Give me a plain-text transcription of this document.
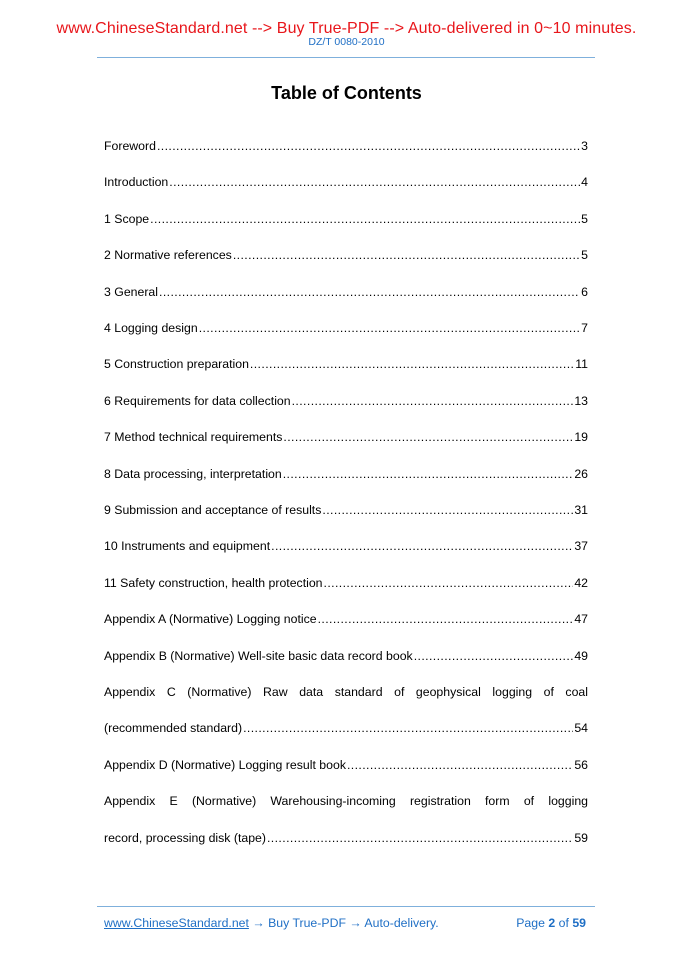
www.ChineseStandard.net --> Buy True-PDF --> Auto-delivered in 0~10 minutes.
DZ/T 0080-2010
Table of Contents
Foreword .....	3
Introduction .....	4
1 Scope .....	5
2 Normative references .....	5
3 General .....	6
4 Logging design .....	7
5 Construction preparation .....	11
6 Requirements for data collection .....	13
7 Method technical requirements .....	19
8 Data processing, interpretation .....	26
9 Submission and acceptance of results .....	31
10 Instruments and equipment .....	37
11 Safety construction, health protection .....	42
Appendix A (Normative) Logging notice .....	47
Appendix B (Normative) Well-site basic data record book .....	49
Appendix C (Normative) Raw data standard of geophysical logging of coal
(recommended standard) .....	54
Appendix D (Normative) Logging result book .....	56
Appendix E (Normative) Warehousing-incoming registration form of logging
record, processing disk (tape) .....	59
www.ChineseStandard.net → Buy True-PDF → Auto-delivery.	Page 2 of 59
